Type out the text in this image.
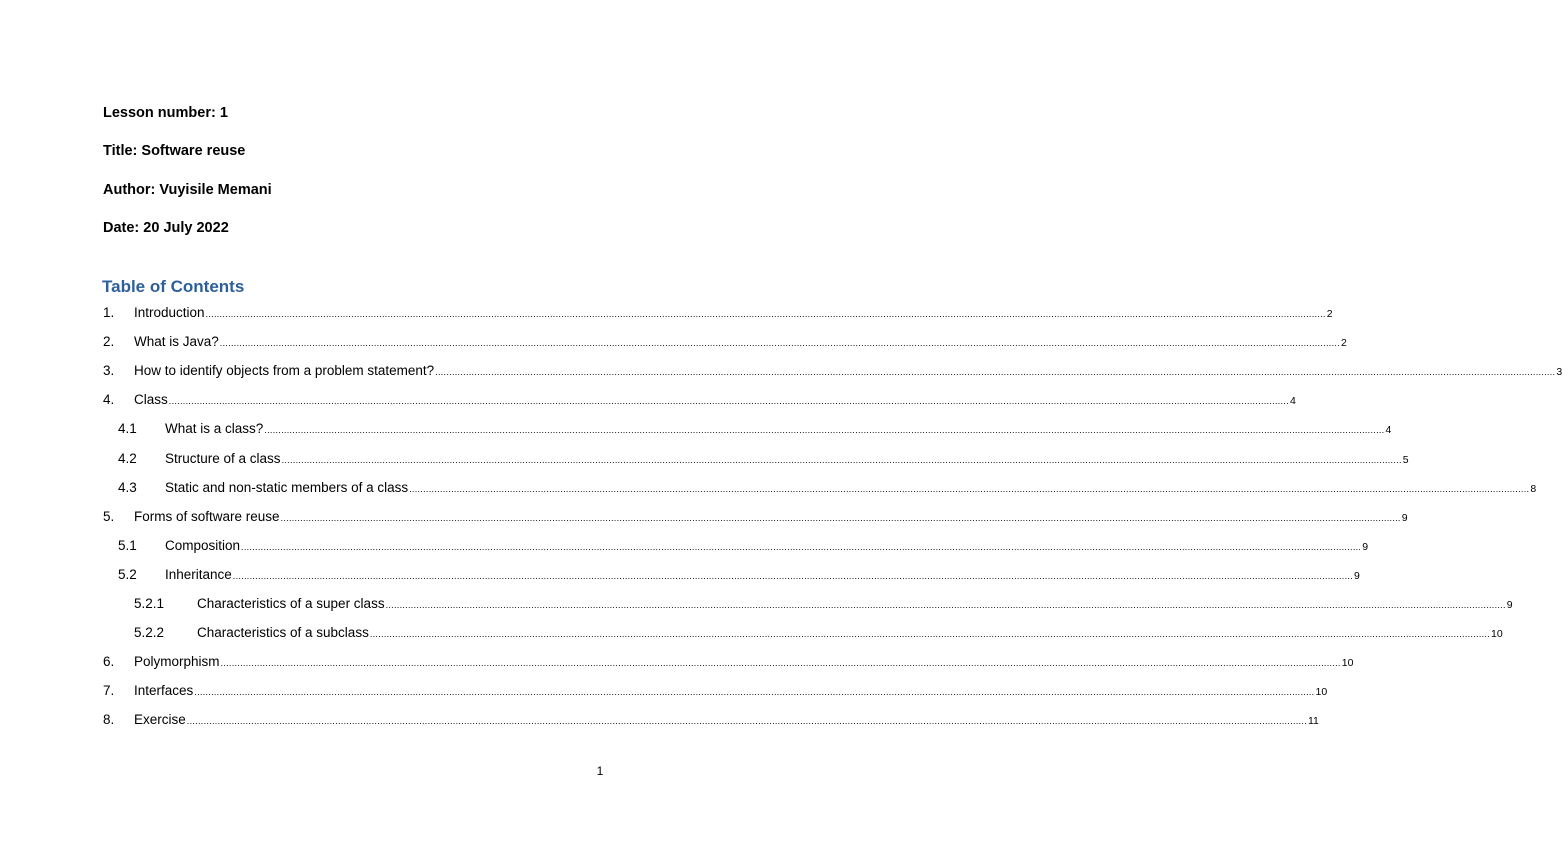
Lesson number: 1
Title: Software reuse
Author: Vuyisile Memani
Date: 20 July 2022
Table of Contents
1.	Introduction ................................................................................................................................................................................................................................................................................................................................................................................................................ 2
2.	What is Java? ................................................................................................................................................................................................................................................................................................................................................................................................................ 2
3.	How to identify objects from a problem statement? ................................................................................................................................................................................................................................................................................................................................................................................................................ 3
4.	Class ................................................................................................................................................................................................................................................................................................................................................................................................................ 4
4.1	What is a class? ................................................................................................................................................................................................................................................................................................................................................................................................................ 4
4.2	Structure of a class ................................................................................................................................................................................................................................................................................................................................................................................................................ 5
4.3	Static and non-static members of a class ................................................................................................................................................................................................................................................................................................................................................................................................................ 8
5.	Forms of software reuse ................................................................................................................................................................................................................................................................................................................................................................................................................ 9
5.1	Composition ................................................................................................................................................................................................................................................................................................................................................................................................................ 9
5.2	Inheritance ................................................................................................................................................................................................................................................................................................................................................................................................................ 9
5.2.1	Characteristics of a super class ................................................................................................................................................................................................................................................................................................................................................................................................................ 9
5.2.2	Characteristics of a subclass ................................................................................................................................................................................................................................................................................................................................................................................................................ 10
6.	Polymorphism ................................................................................................................................................................................................................................................................................................................................................................................................................ 10
7.	Interfaces ................................................................................................................................................................................................................................................................................................................................................................................................................ 10
8.	Exercise ................................................................................................................................................................................................................................................................................................................................................................................................................ 11
1
